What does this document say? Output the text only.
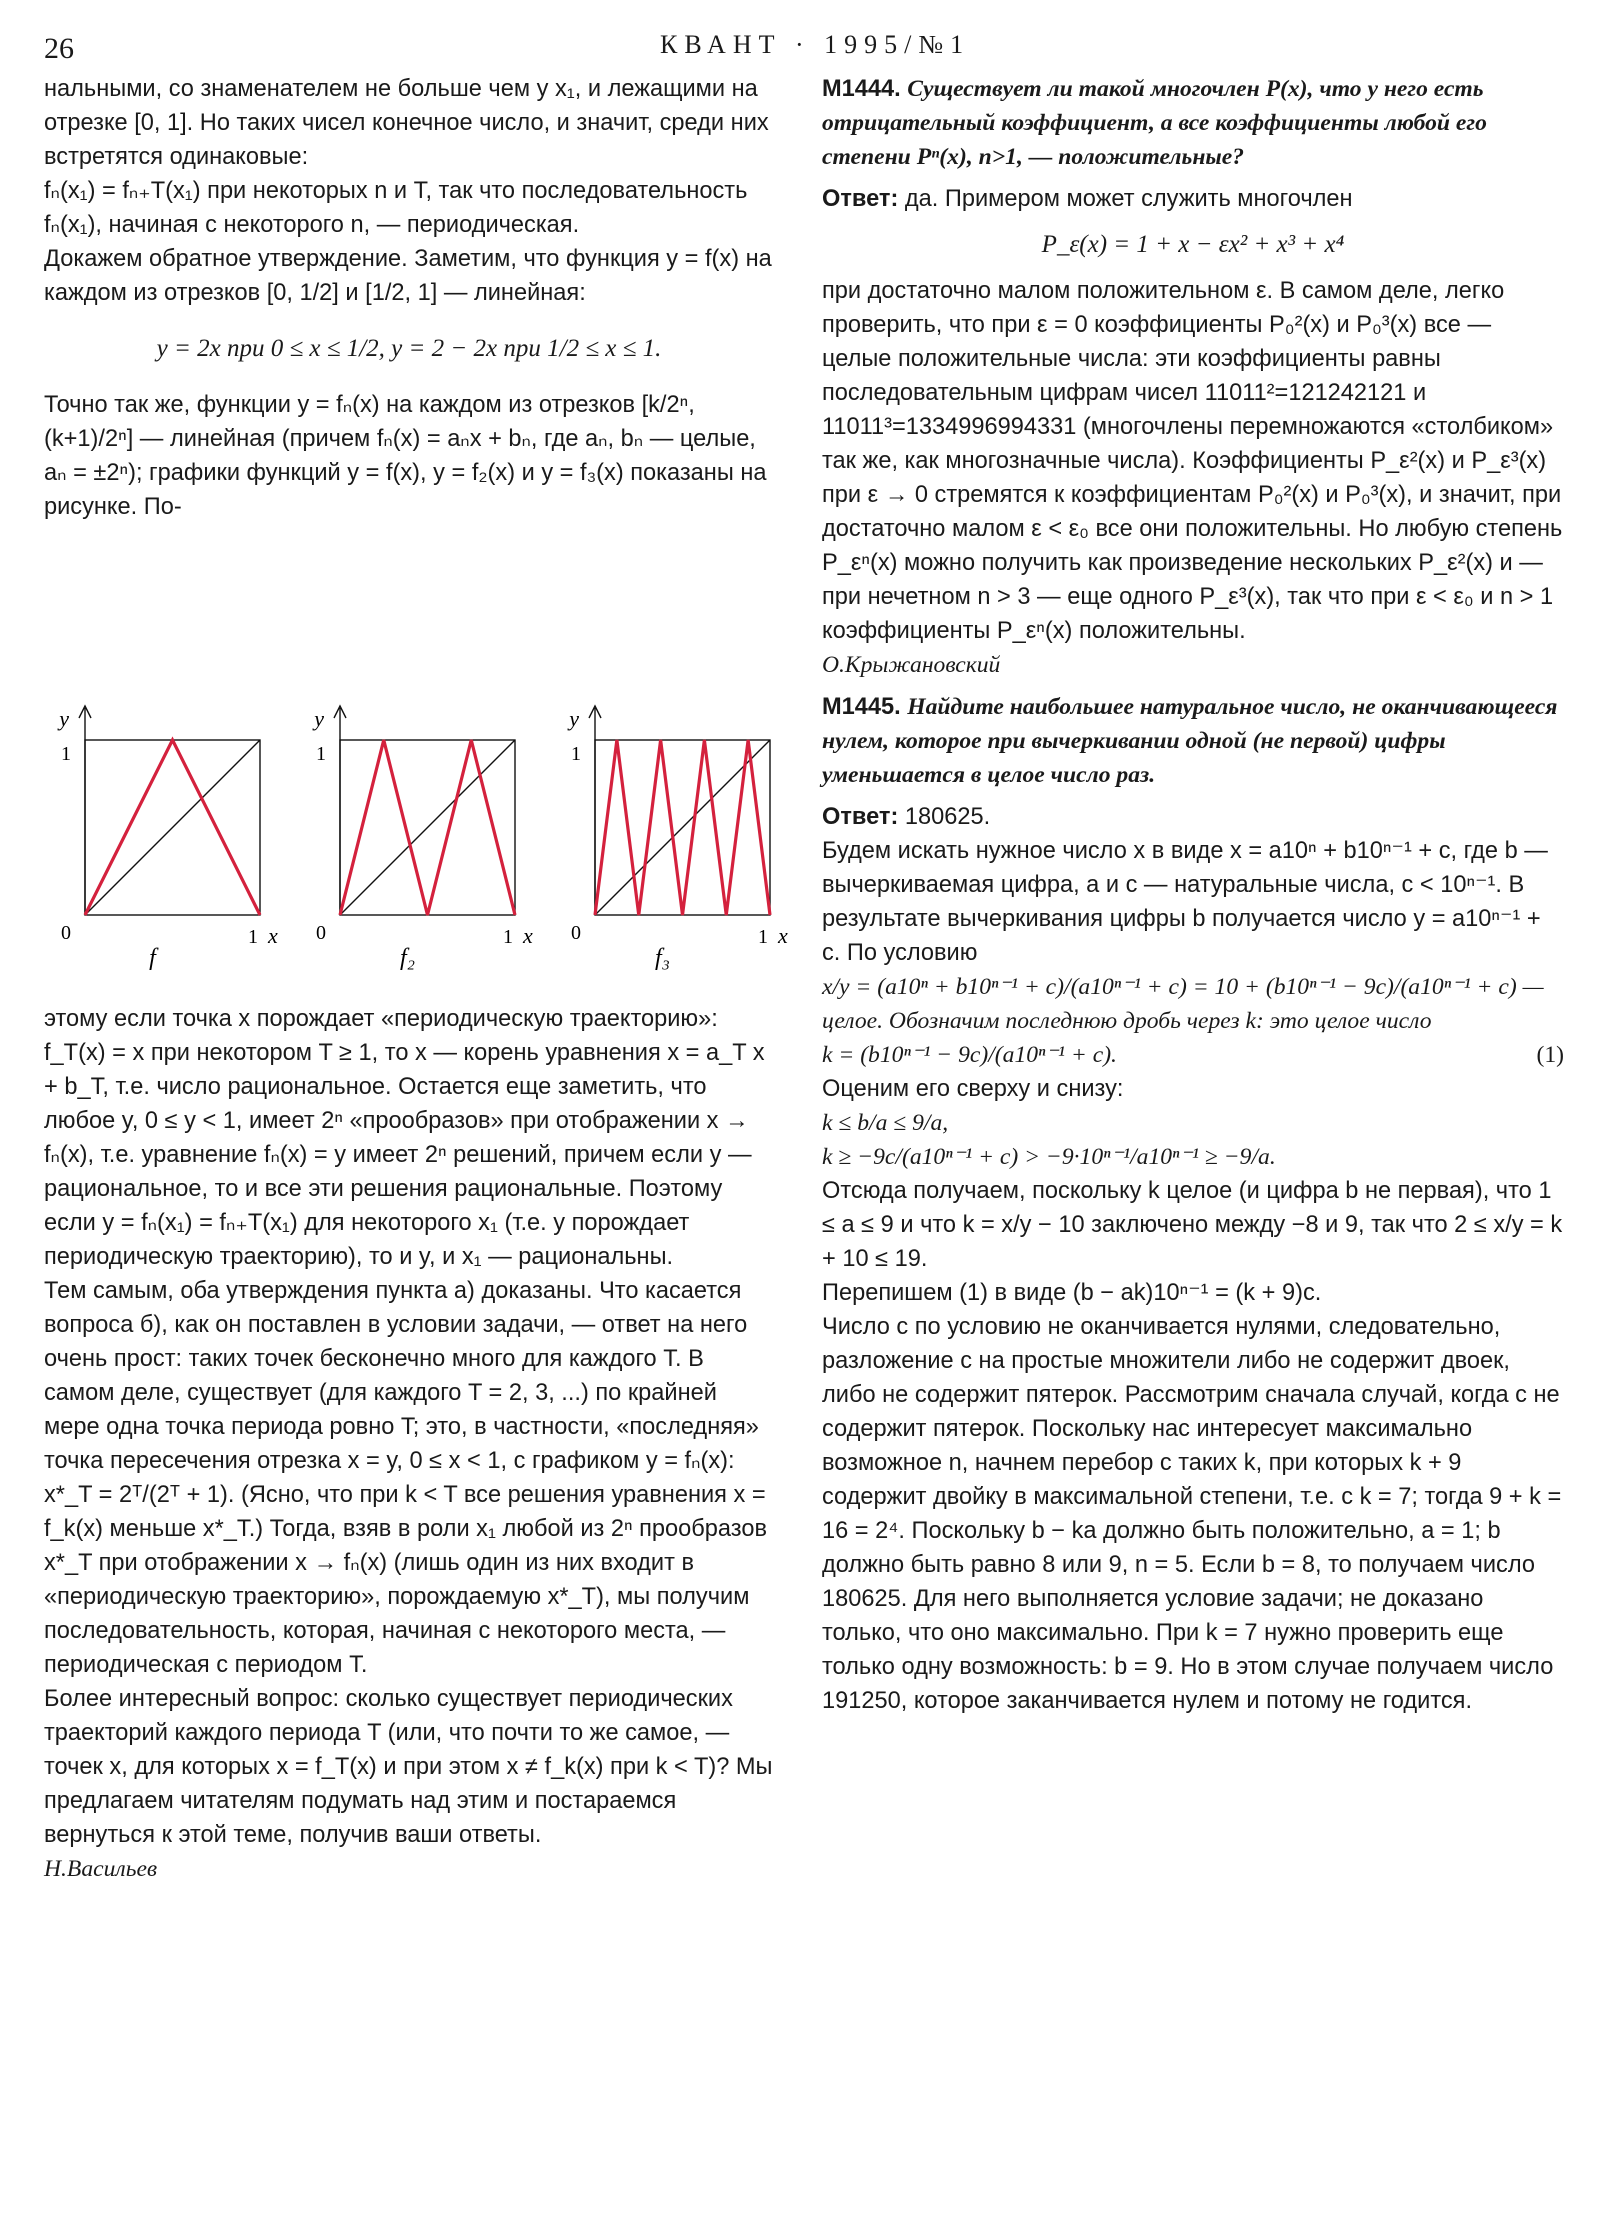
26	КВАНТ · 1995/№1

нальными, со знаменателем не больше чем у x₁, и лежащими на отрезке [0, 1]. Но таких чисел конечное число, и значит, среди них встретятся одинаковые:

fₙ(x₁) = fₙ₊T(x₁) при некоторых n и T, так что последовательность fₙ(x₁), начиная с некоторого n, — периодическая.

Докажем обратное утверждение. Заметим, что функция y = f(x) на каждом из отрезков [0, 1/2] и [1/2, 1] — линейная:

y = 2x при 0 ≤ x ≤ 1/2, y = 2 − 2x при 1/2 ≤ x ≤ 1.

Точно так же, функции y = fₙ(x) на каждом из отрезков [k/2ⁿ, (k+1)/2ⁿ] — линейная (причем fₙ(x) = aₙx + bₙ, где aₙ, bₙ — целые, aₙ = ±2ⁿ); графики функций y = f(x), y = f₂(x) и y = f₃(x) показаны на рисунке. По-

y
1
0	1 x
f
y
1
0	1 x
f₂
y
1
0	1 x
f₃

этому если точка x порождает «периодическую траекторию»: f_T(x) = x при некотором T ≥ 1, то x — корень уравнения x = a_T x + b_T, т.е. число рациональное. Остается еще заметить, что любое y, 0 ≤ y < 1, имеет 2ⁿ «прообразов» при отображении x → fₙ(x), т.е. уравнение fₙ(x) = y имеет 2ⁿ решений, причем если y — рациональное, то и все эти решения рациональные. Поэтому если y = fₙ(x₁) = fₙ₊T(x₁) для некоторого x₁ (т.е. y порождает периодическую траекторию), то и y, и x₁ — рациональны.

Тем самым, оба утверждения пункта а) доказаны. Что касается вопроса б), как он поставлен в условии задачи, — ответ на него очень прост: таких точек бесконечно много для каждого T. В самом деле, существует (для каждого T = 2, 3, ...) по крайней мере одна точка периода ровно T; это, в частности, «последняя» точка пересечения отрезка x = y, 0 ≤ x < 1, с графиком y = fₙ(x): x*_T = 2ᵀ/(2ᵀ + 1). (Ясно, что при k < T все решения уравнения x = f_k(x) меньше x*_T.) Тогда, взяв в роли x₁ любой из 2ⁿ прообразов x*_T при отображении x → fₙ(x) (лишь один из них входит в «периодическую траекторию», порождаемую x*_T), мы получим последовательность, которая, начиная с некоторого места, — периодическая с периодом T.

Более интересный вопрос: сколько существует периодических траекторий каждого периода T (или, что почти то же самое, — точек x, для которых x = f_T(x) и при этом x ≠ f_k(x) при k < T)? Мы предлагаем читателям подумать над этим и постараемся вернуться к этой теме, получив ваши ответы.

Н.Васильев

М1444. Существует ли такой многочлен P(x), что у него есть отрицательный коэффициент, а все коэффициенты любой его степени Pⁿ(x), n>1, — положительные?

Ответ: да. Примером может служить многочлен

P_ε(x) = 1 + x − εx² + x³ + x⁴

при достаточно малом положительном ε. В самом деле, легко проверить, что при ε = 0 коэффициенты P₀²(x) и P₀³(x) все — целые положительные числа: эти коэффициенты равны последовательным цифрам чисел 11011²=121242121 и 11011³=1334996994331 (многочлены перемножаются «столбиком» так же, как многозначные числа). Коэффициенты P_ε²(x) и P_ε³(x) при ε → 0 стремятся к коэффициентам P₀²(x) и P₀³(x), и значит, при достаточно малом ε < ε₀ все они положительны. Но любую степень P_εⁿ(x) можно получить как произведение нескольких P_ε²(x) и — при нечетном n > 3 — еще одного P_ε³(x), так что при ε < ε₀ и n > 1 коэффициенты P_εⁿ(x) положительны.

О.Крыжановский

М1445. Найдите наибольшее натуральное число, не оканчивающееся нулем, которое при вычеркивании одной (не первой) цифры уменьшается в целое число раз.

Ответ: 180625.

Будем искать нужное число x в виде x = a10ⁿ + b10ⁿ⁻¹ + c, где b — вычеркиваемая цифра, a и c — натуральные числа, c < 10ⁿ⁻¹. В результате вычеркивания цифры b получается число y = a10ⁿ⁻¹ + c. По условию

x/y = (a10ⁿ + b10ⁿ⁻¹ + c)/(a10ⁿ⁻¹ + c) = 10 + (b10ⁿ⁻¹ − 9c)/(a10ⁿ⁻¹ + c) — целое. Обозначим последнюю дробь через k: это целое число

k = (b10ⁿ⁻¹ − 9c)/(a10ⁿ⁻¹ + c).	(1)

Оценим его сверху и снизу:

k ≤ b/a ≤ 9/a,

k ≥ −9c/(a10ⁿ⁻¹ + c) > −9·10ⁿ⁻¹/a10ⁿ⁻¹ ≥ −9/a.

Отсюда получаем, поскольку k целое (и цифра b не первая), что 1 ≤ a ≤ 9 и что k = x/y − 10 заключено между −8 и 9, так что 2 ≤ x/y = k + 10 ≤ 19.

Перепишем (1) в виде (b − ak)10ⁿ⁻¹ = (k + 9)c.

Число c по условию не оканчивается нулями, следовательно, разложение c на простые множители либо не содержит двоек, либо не содержит пятерок. Рассмотрим сначала случай, когда c не содержит пятерок. Поскольку нас интересует максимально возможное n, начнем перебор с таких k, при которых k + 9 содержит двойку в максимальной степени, т.е. с k = 7; тогда 9 + k = 16 = 2⁴. Поскольку b − ka должно быть положительно, a = 1; b должно быть равно 8 или 9, n = 5. Если b = 8, то получаем число 180625. Для него выполняется условие задачи; не доказано только, что оно максимально. При k = 7 нужно проверить еще только одну возможность: b = 9. Но в этом случае получаем число 191250, которое заканчивается нулем и потому не годится.
